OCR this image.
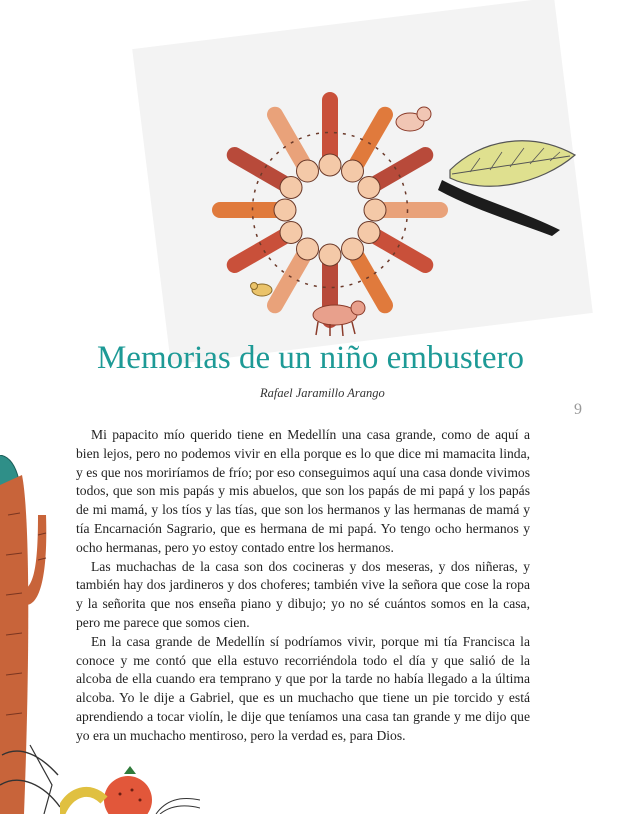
Memorias de un niño embustero
Rafael Jaramillo Arango
9

Mi papacito mío querido tiene en Medellín una casa grande, como de aquí a bien lejos, pero no podemos vivir en ella porque es lo que dice mi mamacita linda, y es que nos moriríamos de frío; por eso conseguimos aquí una casa donde vivimos todos, que son mis papás y mis abuelos, que son los papás de mi papá y los papás de mi mamá, y los tíos y las tías, que son los hermanos y las hermanas de mamá y tía Encarnación Sagrario, que es hermana de mi papá. Yo tengo ocho hermanos y ocho hermanas, pero yo estoy contado entre los hermanos.

Las muchachas de la casa son dos cocineras y dos meseras, y dos niñeras, y también hay dos jardineros y dos choferes; también vive la señora que cose la ropa y la señorita que nos enseña piano y dibujo; yo no sé cuántos somos en la casa, pero me parece que somos cien.

En la casa grande de Medellín sí podríamos vivir, porque mi tía Francisca la conoce y me contó que ella estuvo recorriéndola todo el día y que salió de la alcoba de ella cuando era temprano y que por la tarde no había llegado a la última alcoba. Yo le dije a Gabriel, que es un muchacho que tiene un pie torcido y está aprendiendo a tocar violín, le dije que teníamos una casa tan grande y me dijo que yo era un muchacho mentiroso, pero la verdad es, para Dios.
